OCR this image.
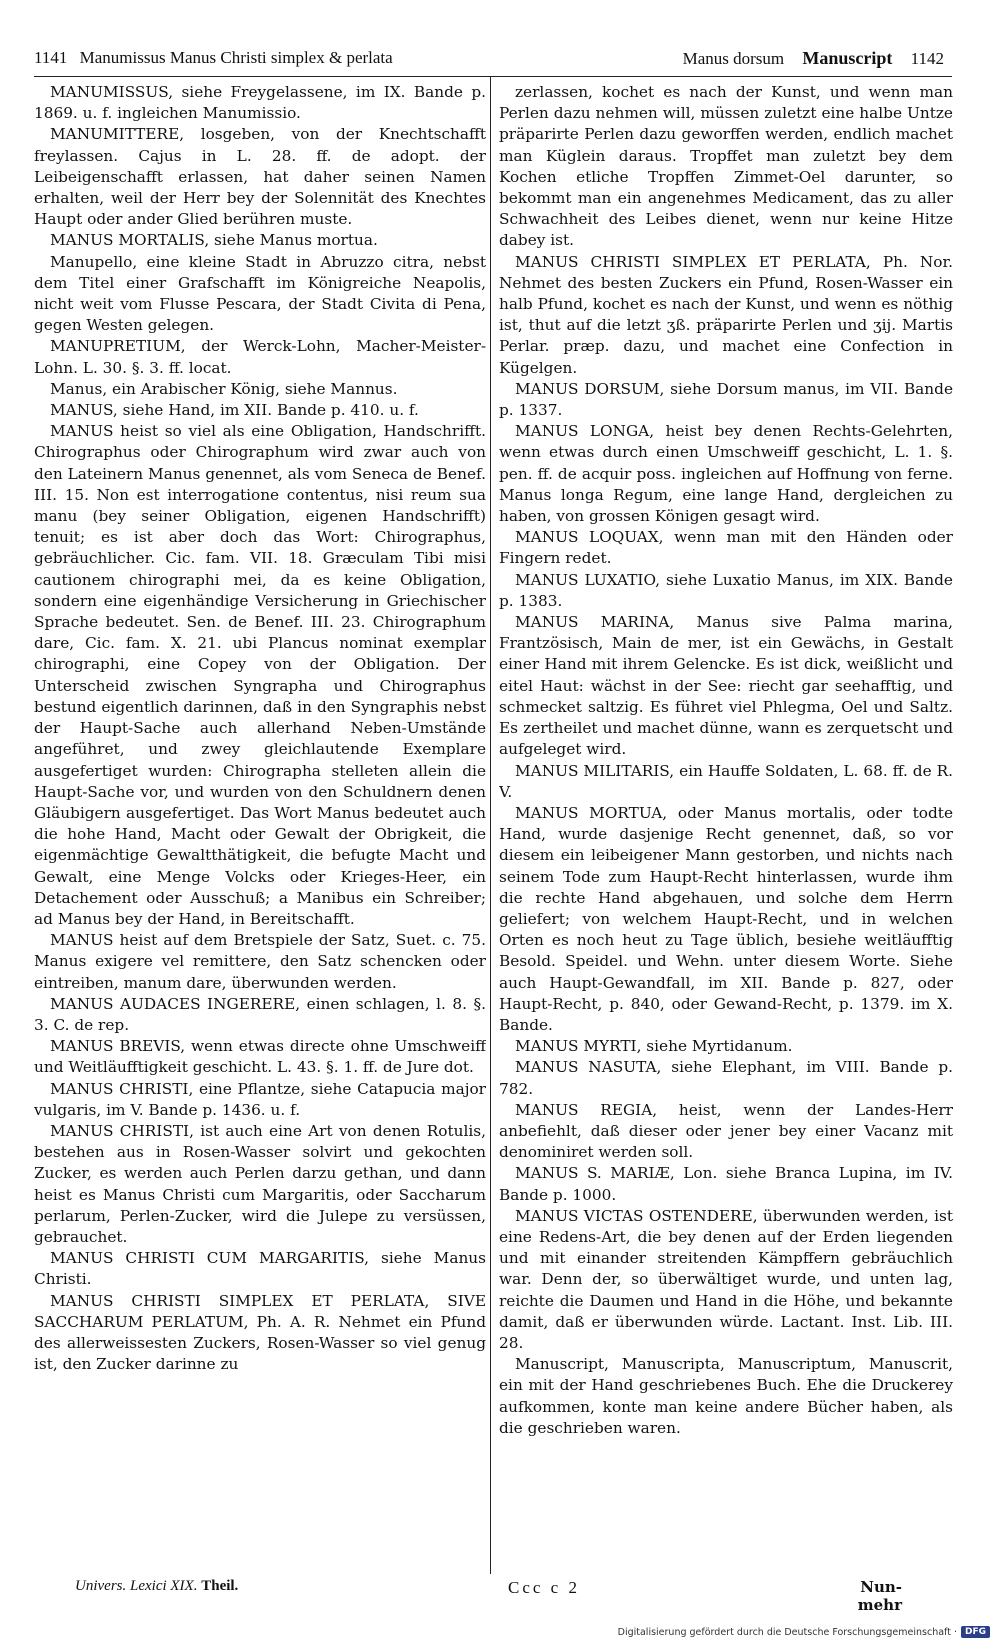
1141 Manumissus Manus Christi simplex & perlata	Manus dorsum Manuscript 1142

MANUMISSUS, siehe Freygelassene, im IX. Bande p. 1869. u. f. ingleichen Manumissio.

MANUMITTERE, losgeben, von der Knechtschafft freylassen. Cajus in L. 28. ff. de adopt. der Leibeigenschafft erlassen, hat daher seinen Namen erhalten, weil der Herr bey der Solennität des Knechtes Haupt oder ander Glied berühren muste.

MANUS MORTALIS, siehe Manus mortua.

Manupello, eine kleine Stadt in Abruzzo citra, nebst dem Titel einer Grafschafft im Königreiche Neapolis, nicht weit vom Flusse Pescara, der Stadt Civita di Pena, gegen Westen gelegen.

MANUPRETIUM, der Werck-Lohn, Macher-Meister-Lohn. L. 30. §. 3. ff. locat.

Manus, ein Arabischer König, siehe Mannus.

MANUS, siehe Hand, im XII. Bande p. 410. u. f.

MANUS heist so viel als eine Obligation, Handschrifft. Chirographus oder Chirographum wird zwar auch von den Lateinern Manus genennet, als vom Seneca de Benef. III. 15. Non est interrogatione contentus, nisi reum sua manu (bey seiner Obligation, eigenen Handschrifft) tenuit; es ist aber doch das Wort: Chirographus, gebräuchlicher. Cic. fam. VII. 18. Græculam Tibi misi cautionem chirographi mei, da es keine Obligation, sondern eine eigenhändige Versicherung in Griechischer Sprache bedeutet. Sen. de Benef. III. 23. Chirographum dare, Cic. fam. X. 21. ubi Plancus nominat exemplar chirographi, eine Copey von der Obligation. Der Unterscheid zwischen Syngrapha und Chirographus bestund eigentlich darinnen, daß in den Syngraphis nebst der Haupt-Sache auch allerhand Neben-Umstände angeführet, und zwey gleichlautende Exemplare ausgefertiget wurden: Chirographa stelleten allein die Haupt-Sache vor, und wurden von den Schuldnern denen Gläubigern ausgefertiget. Das Wort Manus bedeutet auch die hohe Hand, Macht oder Gewalt der Obrigkeit, die eigenmächtige Gewaltthätigkeit, die befugte Macht und Gewalt, eine Menge Volcks oder Krieges-Heer, ein Detachement oder Ausschuß; a Manibus ein Schreiber; ad Manus bey der Hand, in Bereitschafft.

MANUS heist auf dem Bretspiele der Satz, Suet. c. 75. Manus exigere vel remittere, den Satz schencken oder eintreiben, manum dare, überwunden werden.

MANUS AUDACES INGERERE, einen schlagen, l. 8. §. 3. C. de rep.

MANUS BREVIS, wenn etwas directe ohne Umschweiff und Weitläufftigkeit geschicht. L. 43. §. 1. ff. de Jure dot.

MANUS CHRISTI, eine Pflantze, siehe Catapucia major vulgaris, im V. Bande p. 1436. u. f.

MANUS CHRISTI, ist auch eine Art von denen Rotulis, bestehen aus in Rosen-Wasser solvirt und gekochten Zucker, es werden auch Perlen darzu gethan, und dann heist es Manus Christi cum Margaritis, oder Saccharum perlarum, Perlen-Zucker, wird die Julepe zu versüssen, gebrauchet.

MANUS CHRISTI CUM MARGARITIS, siehe Manus Christi.

MANUS CHRISTI SIMPLEX ET PERLATA, SIVE SACCHARUM PERLATUM, Ph. A. R. Nehmet ein Pfund des allerweissesten Zuckers, Rosen-Wasser so viel genug ist, den Zucker darinne zu

zerlassen, kochet es nach der Kunst, und wenn man Perlen dazu nehmen will, müssen zuletzt eine halbe Untze präparirte Perlen dazu geworffen werden, endlich machet man Küglein daraus. Tropffet man zuletzt bey dem Kochen etliche Tropffen Zimmet-Oel darunter, so bekommt man ein angenehmes Medicament, das zu aller Schwachheit des Leibes dienet, wenn nur keine Hitze dabey ist.

MANUS CHRISTI SIMPLEX ET PERLATA, Ph. Nor. Nehmet des besten Zuckers ein Pfund, Rosen-Wasser ein halb Pfund, kochet es nach der Kunst, und wenn es nöthig ist, thut auf die letzt ʒß. präparirte Perlen und ʒij. Martis Perlar. præp. dazu, und machet eine Confection in Kügelgen.

MANUS DORSUM, siehe Dorsum manus, im VII. Bande p. 1337.

MANUS LONGA, heist bey denen Rechts-Gelehrten, wenn etwas durch einen Umschweiff geschicht, L. 1. §. pen. ff. de acquir poss. ingleichen auf Hoffnung von ferne. Manus longa Regum, eine lange Hand, dergleichen zu haben, von grossen Königen gesagt wird.

MANUS LOQUAX, wenn man mit den Händen oder Fingern redet.

MANUS LUXATIO, siehe Luxatio Manus, im XIX. Bande p. 1383.

MANUS MARINA, Manus sive Palma marina, Frantzösisch, Main de mer, ist ein Gewächs, in Gestalt einer Hand mit ihrem Gelencke. Es ist dick, weißlicht und eitel Haut: wächst in der See: riecht gar seehafftig, und schmecket saltzig. Es führet viel Phlegma, Oel und Saltz. Es zertheilet und machet dünne, wann es zerquetscht und aufgeleget wird.

MANUS MILITARIS, ein Hauffe Soldaten, L. 68. ff. de R. V.

MANUS MORTUA, oder Manus mortalis, oder todte Hand, wurde dasjenige Recht genennet, daß, so vor diesem ein leibeigener Mann gestorben, und nichts nach seinem Tode zum Haupt-Recht hinterlassen, wurde ihm die rechte Hand abgehauen, und solche dem Herrn geliefert; von welchem Haupt-Recht, und in welchen Orten es noch heut zu Tage üblich, besiehe weitläufftig Besold. Speidel. und Wehn. unter diesem Worte. Siehe auch Haupt-Gewandfall, im XII. Bande p. 827, oder Haupt-Recht, p. 840, oder Gewand-Recht, p. 1379. im X. Bande.

MANUS MYRTI, siehe Myrtidanum.

MANUS NASUTA, siehe Elephant, im VIII. Bande p. 782.

MANUS REGIA, heist, wenn der Landes-Herr anbefiehlt, daß dieser oder jener bey einer Vacanz mit denominiret werden soll.

MANUS S. MARIÆ, Lon. siehe Branca Lupina, im IV. Bande p. 1000.

MANUS VICTAS OSTENDERE, überwunden werden, ist eine Redens-Art, die bey denen auf der Erden liegenden und mit einander streitenden Kämpffern gebräuchlich war. Denn der, so überwältiget wurde, und unten lag, reichte die Daumen und Hand in die Höhe, und bekannte damit, daß er überwunden würde. Lactant. Inst. Lib. III. 28.

Manuscript, Manuscripta, Manuscriptum, Manuscrit, ein mit der Hand geschriebenes Buch. Ehe die Druckerey aufkommen, konte man keine andere Bücher haben, als die geschrieben waren.

Univers. Lexici XIX. Theil.	Ccc c 2	Nun-mehr
Digitalisierung gefördert durch die Deutsche Forschungsgemeinschaft · DFG
